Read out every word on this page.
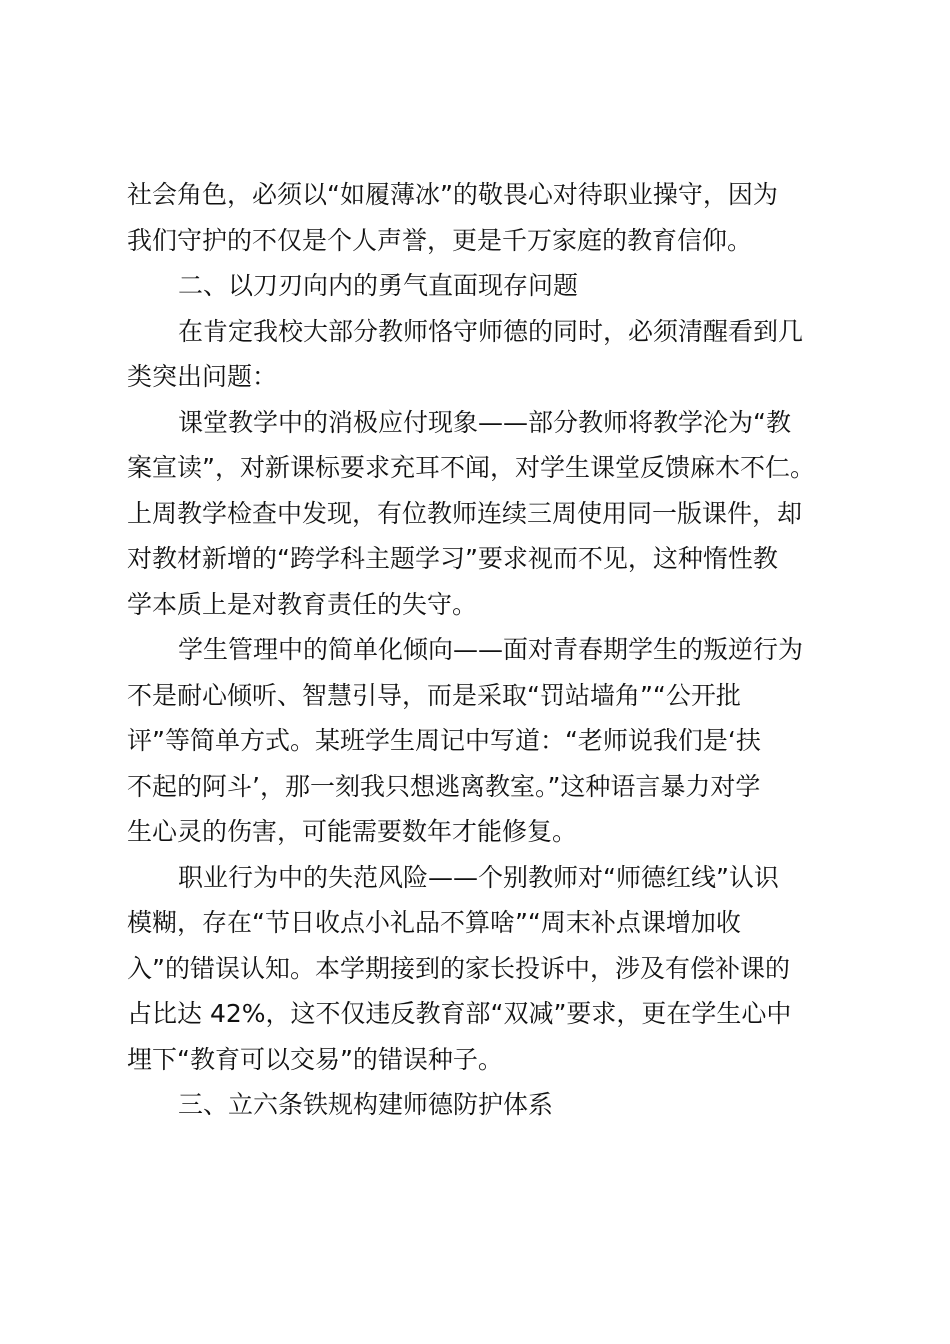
社会角色，必须以“如履薄冰”的敬畏心对待职业操守，因为
我们守护的不仅是个人声誉，更是千万家庭的教育信仰。
二、以刀刃向内的勇气直面现存问题
在肯定我校大部分教师恪守师德的同时，必须清醒看到几
类突出问题：
课堂教学中的消极应付现象——部分教师将教学沦为“教
案宣读”，对新课标要求充耳不闻，对学生课堂反馈麻木不仁。
上周教学检查中发现，有位教师连续三周使用同一版课件，却
对教材新增的“跨学科主题学习”要求视而不见，这种惰性教
学本质上是对教育责任的失守。
学生管理中的简单化倾向——面对青春期学生的叛逆行为
不是耐心倾听、智慧引导，而是采取“罚站墙角”“公开批
评”等简单方式。某班学生周记中写道：“老师说我们是‘扶
不起的阿斗’，那一刻我只想逃离教室。”这种语言暴力对学
生心灵的伤害，可能需要数年才能修复。
职业行为中的失范风险——个别教师对“师德红线”认识
模糊，存在“节日收点小礼品不算啥”“周末补点课增加收
入”的错误认知。本学期接到的家长投诉中，涉及有偿补课的
占比达 42%，这不仅违反教育部“双减”要求，更在学生心中
埋下“教育可以交易”的错误种子。
三、立六条铁规构建师德防护体系
